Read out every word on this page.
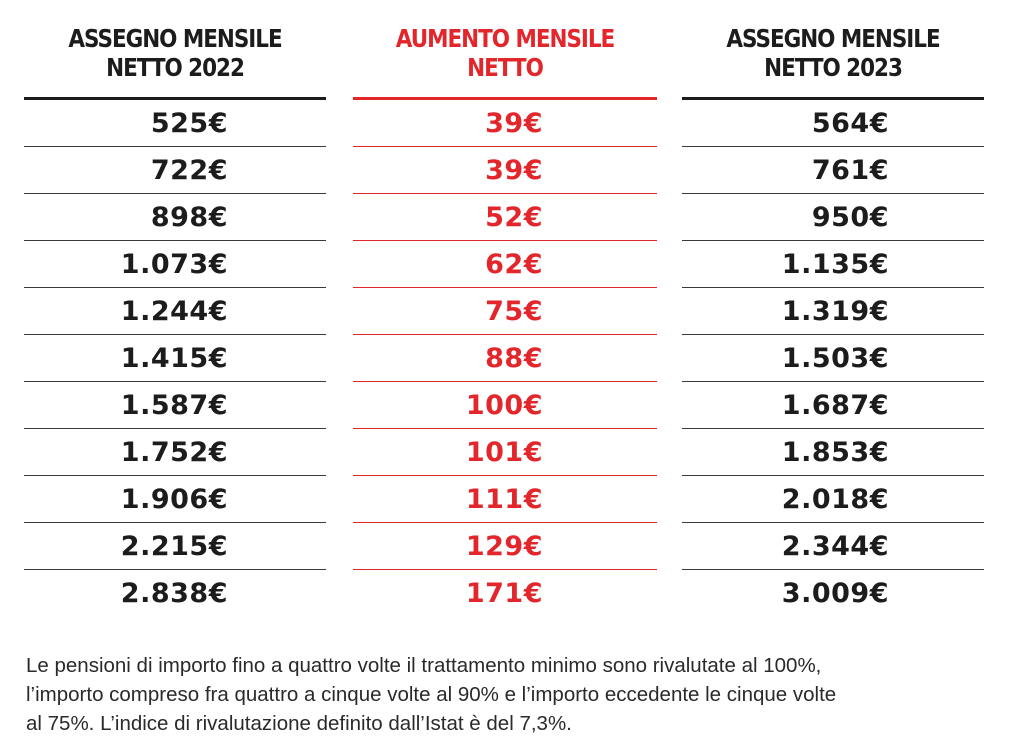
ASSEGNO MENSILE
NETTO 2022
525€
722€
898€
1.073€
1.244€
1.415€
1.587€
1.752€
1.906€
2.215€
2.838€
AUMENTO MENSILE
NETTO
39€
39€
52€
62€
75€
88€
100€
101€
111€
129€
171€
ASSEGNO MENSILE
NETTO 2023
564€
761€
950€
1.135€
1.319€
1.503€
1.687€
1.853€
2.018€
2.344€
3.009€
Le pensioni di importo fino a quattro volte il trattamento minimo sono rivalutate al 100%,
l’importo compreso fra quattro a cinque volte al 90% e l’importo eccedente le cinque volte
al 75%. L’indice di rivalutazione definito dall’Istat è del 7,3%.
